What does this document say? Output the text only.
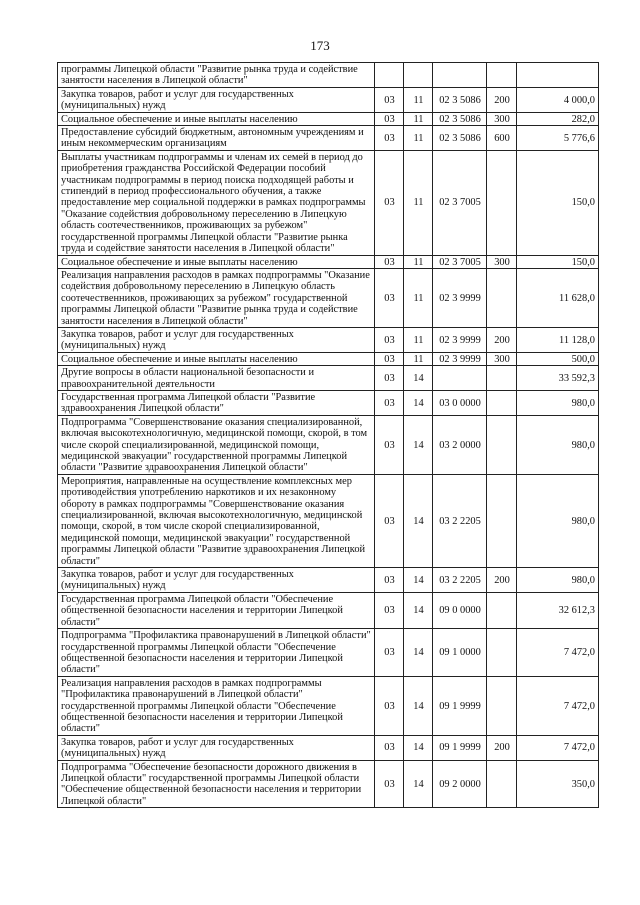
173
программы Липецкой области "Развитие рынка труда и содействие занятости населения в Липецкой области"					
Закупка товаров, работ и услуг для государственных (муниципальных) нужд	03	11	02 3 5086	200	4 000,0
Социальное обеспечение и иные выплаты населению	03	11	02 3 5086	300	282,0
Предоставление субсидий бюджетным, автономным учреждениям и иным некоммерческим организациям	03	11	02 3 5086	600	5 776,6
Выплаты участникам подпрограммы и членам их семей в период до приобретения гражданства Российской Федерации пособий участникам подпрограммы в период поиска подходящей работы и стипендий в период профессионального обучения, а также предоставление мер социальной поддержки в рамках подпрограммы "Оказание содействия добровольному переселению в Липецкую область соотечественников, проживающих за рубежом" государственной программы Липецкой области "Развитие рынка труда и содействие занятости населения в Липецкой области"	03	11	02 3 7005		150,0
Социальное обеспечение и иные выплаты населению	03	11	02 3 7005	300	150,0
Реализация направления расходов в рамках подпрограммы "Оказание содействия добровольному переселению в Липецкую область соотечественников, проживающих за рубежом" государственной программы Липецкой области "Развитие рынка труда и содействие занятости населения в Липецкой области"	03	11	02 3 9999		11 628,0
Закупка товаров, работ и услуг для государственных (муниципальных) нужд	03	11	02 3 9999	200	11 128,0
Социальное обеспечение и иные выплаты населению	03	11	02 3 9999	300	500,0
Другие вопросы в области национальной безопасности и правоохранительной деятельности	03	14			33 592,3
Государственная программа Липецкой области "Развитие здравоохранения Липецкой области"	03	14	03 0 0000		980,0
Подпрограмма "Совершенствование оказания специализированной, включая высокотехнологичную, медицинской помощи, скорой, в том числе скорой специализированной, медицинской помощи, медицинской эвакуации" государственной программы Липецкой области "Развитие здравоохранения Липецкой области"	03	14	03 2 0000		980,0
Мероприятия, направленные на осуществление комплексных мер противодействия употреблению наркотиков и их незаконному обороту в рамках подпрограммы "Совершенствование оказания специализированной, включая высокотехнологичную, медицинской помощи, скорой, в том числе скорой специализированной, медицинской помощи, медицинской эвакуации" государственной программы Липецкой области "Развитие здравоохранения Липецкой области"	03	14	03 2 2205		980,0
Закупка товаров, работ и услуг для государственных (муниципальных) нужд	03	14	03 2 2205	200	980,0
Государственная программа Липецкой области "Обеспечение общественной безопасности населения и территории Липецкой области"	03	14	09 0 0000		32 612,3
Подпрограмма "Профилактика правонарушений в Липецкой области" государственной программы Липецкой области "Обеспечение общественной безопасности населения и территории Липецкой области"	03	14	09 1 0000		7 472,0
Реализация направления расходов в рамках подпрограммы "Профилактика правонарушений в Липецкой области" государственной программы Липецкой области "Обеспечение общественной безопасности населения и территории Липецкой области"	03	14	09 1 9999		7 472,0
Закупка товаров, работ и услуг для государственных (муниципальных) нужд	03	14	09 1 9999	200	7 472,0
Подпрограмма "Обеспечение безопасности дорожного движения в Липецкой области" государственной программы Липецкой области "Обеспечение общественной безопасности населения и территории Липецкой области"	03	14	09 2 0000		350,0
